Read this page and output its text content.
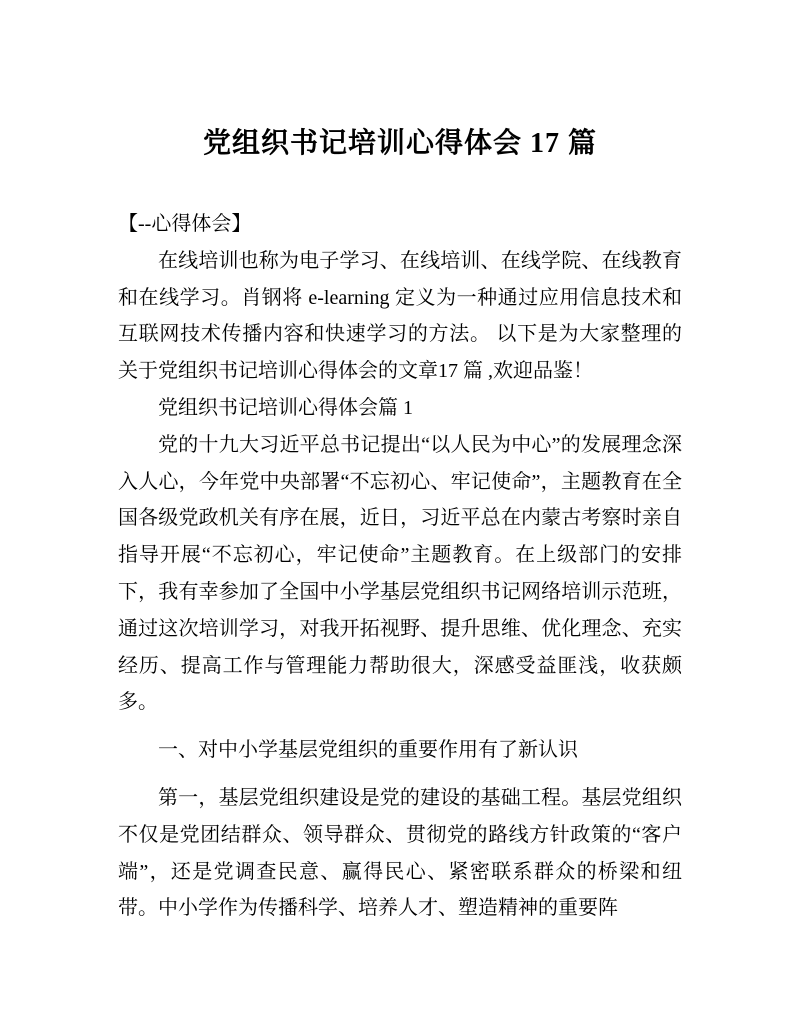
党组织书记培训心得体会 17 篇

【--心得体会】

在线培训也称为电子学习、在线培训、在线学院、在线教育和在线学习。肖钢将 e-learning 定义为一种通过应用信息技术和互联网技术传播内容和快速学习的方法。 以下是为大家整理的关于党组织书记培训心得体会的文章17 篇 ,欢迎品鉴！

党组织书记培训心得体会篇 1

党的十九大习近平总书记提出“以人民为中心”的发展理念深入人心，今年党中央部署“不忘初心、牢记使命”，主题教育在全国各级党政机关有序在展，近日，习近平总在内蒙古考察时亲自指导开展“不忘初心，牢记使命”主题教育。在上级部门的安排下，我有幸参加了全国中小学基层党组织书记网络培训示范班，通过这次培训学习，对我开拓视野、提升思维、优化理念、充实经历、提高工作与管理能力帮助很大，深感受益匪浅，收获颇多。

一、对中小学基层党组织的重要作用有了新认识

第一，基层党组织建设是党的建设的基础工程。基层党组织不仅是党团结群众、领导群众、贯彻党的路线方针政策的“客户端”，还是党调查民意、赢得民心、紧密联系群众的桥梁和纽带。中小学作为传播科学、培养人才、塑造精神的重要阵
